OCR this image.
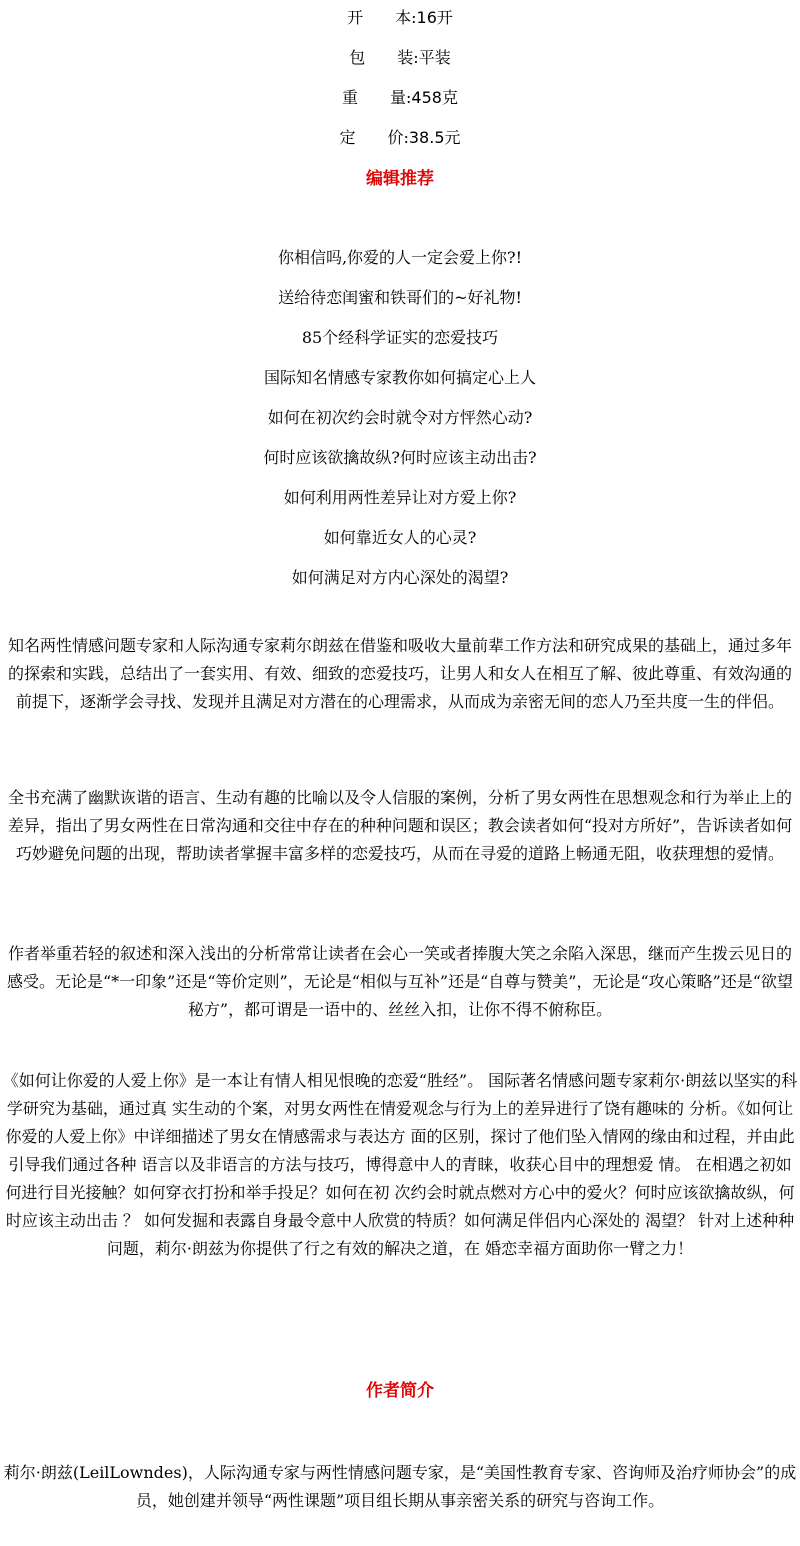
开　　本:16开
包　　装:平装
重　　量:458克
定　　价:38.5元
编辑推荐
你相信吗,你爱的人一定会爱上你?!
送给待恋闺蜜和铁哥们的~好礼物!
85个经科学证实的恋爱技巧
国际知名情感专家教你如何搞定心上人
如何在初次约会时就令对方怦然心动?
何时应该欲擒故纵?何时应该主动出击?
如何利用两性差异让对方爱上你?
如何靠近女人的心灵?
如何满足对方内心深处的渴望?

知名两性情感问题专家和人际沟通专家莉尔朗兹在借鉴和吸收大量前辈工作方法和研究成果的基础上，通过多年的探索和实践，总结出了一套实用、有效、细致的恋爱技巧，让男人和女人在相互了解、彼此尊重、有效沟通的前提下，逐渐学会寻找、发现并且满足对方潜在的心理需求，从而成为亲密无间的恋人乃至共度一生的伴侣。

全书充满了幽默诙谐的语言、生动有趣的比喻以及令人信服的案例，分析了男女两性在思想观念和行为举止上的差异，指出了男女两性在日常沟通和交往中存在的种种问题和误区；教会读者如何“投对方所好”，告诉读者如何巧妙避免问题的出现，帮助读者掌握丰富多样的恋爱技巧，从而在寻爱的道路上畅通无阻，收获理想的爱情。

作者举重若轻的叙述和深入浅出的分析常常让读者在会心一笑或者捧腹大笑之余陷入深思，继而产生拨云见日的感受。无论是“*一印象”还是“等价定则”，无论是“相似与互补”还是“自尊与赞美”，无论是“攻心策略”还是“欲望秘方”，都可谓是一语中的、丝丝入扣，让你不得不俯称臣。

《如何让你爱的人爱上你》是一本让有情人相见恨晚的恋爱“胜经”。 国际著名情感问题专家莉尔·朗兹以坚实的科学研究为基础，通过真 实生动的个案，对男女两性在情爱观念与行为上的差异进行了饶有趣味的 分析。《如何让你爱的人爱上你》中详细描述了男女在情感需求与表达方 面的区别，探讨了他们坠入情网的缘由和过程，并由此引导我们通过各种 语言以及非语言的方法与技巧，博得意中人的青睐，收获心目中的理想爱 情。 在相遇之初如何进行目光接触？如何穿衣打扮和举手投足？如何在初 次约会时就点燃对方心中的爱火？何时应该欲擒故纵，何时应该主动出击 ？ 如何发掘和表露自身最令意中人欣赏的特质？如何满足伴侣内心深处的 渴望？ 针对上述种种问题，莉尔·朗兹为你提供了行之有效的解决之道，在 婚恋幸福方面助你一臂之力！

作者简介

莉尔·朗兹(LeilLowndes)，人际沟通专家与两性情感问题专家，是“美国性教育专家、咨询师及治疗师协会”的成员，她创建并领导“两性课题”项目组长期从事亲密关系的研究与咨询工作。
